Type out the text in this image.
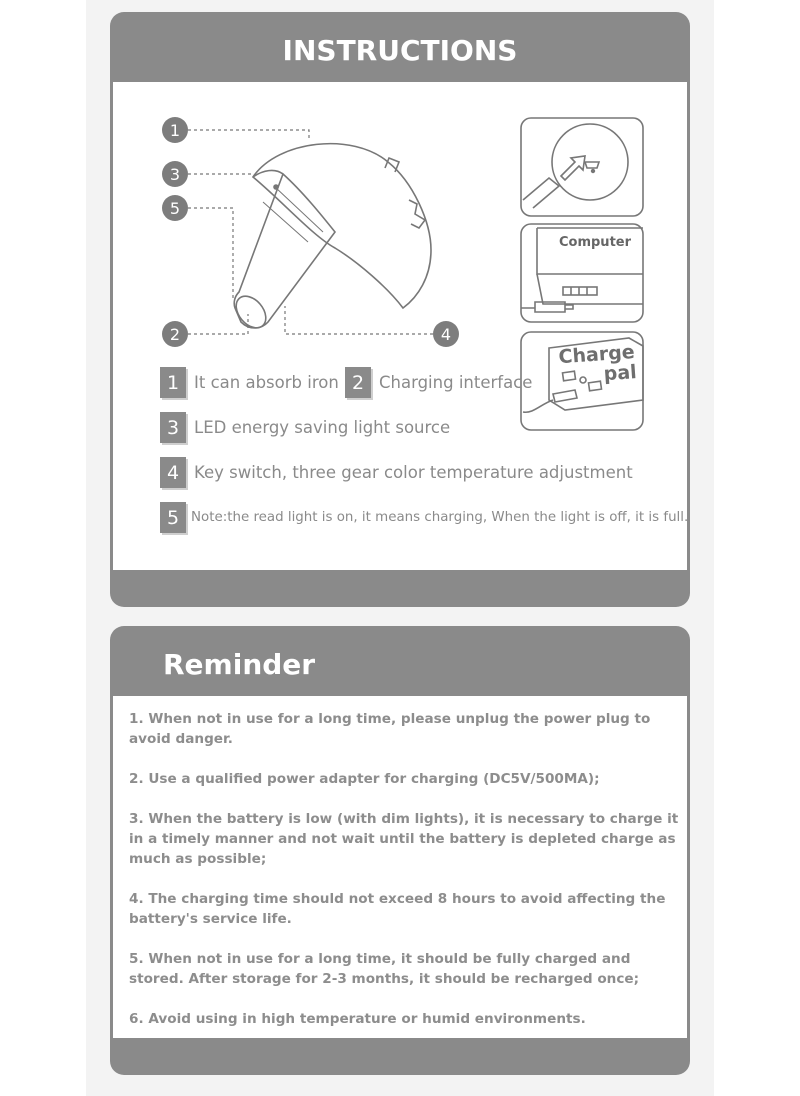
INSTRUCTIONS
1
3
5
2	4
Computer
Charge
pal
1 It can absorb iron 2 Charging interface
3 LED energy saving light source
4 Key switch, three gear color temperature adjustment
5 Note:the read light is on, it means charging, When the light is off, it is full.
Reminder
1. When not in use for a long time, please unplug the power plug to avoid danger.
2. Use a qualified power adapter for charging (DC5V/500MA);
3. When the battery is low (with dim lights), it is necessary to charge it in a timely manner and not wait until the battery is depleted charge as much as possible;
4. The charging time should not exceed 8 hours to avoid affecting the battery's service life.
5. When not in use for a long time, it should be fully charged and stored. After storage for 2-3 months, it should be recharged once;
6. Avoid using in high temperature or humid environments.
